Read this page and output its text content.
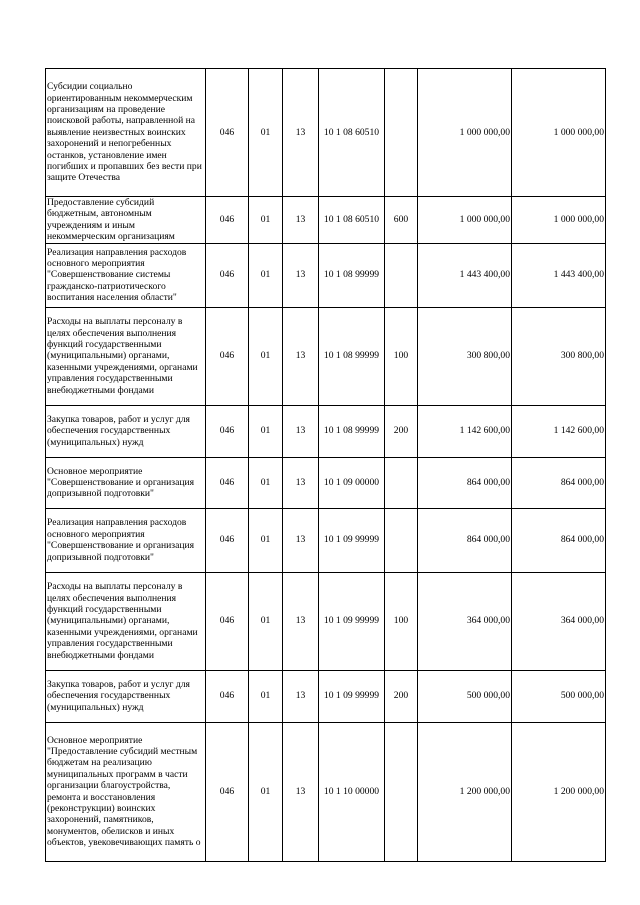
Субсидии социально ориентированным некоммерческим организациям на проведение поисковой работы, направленной на выявление неизвестных воинских захоронений и непогребенных останков, установление имен погибших и пропавших без вести при защите Отечества	046	01	13	10 1 08 60510		1 000 000,00	1 000 000,00
Предоставление субсидий бюджетным, автономным учреждениям и иным некоммерческим организациям	046	01	13	10 1 08 60510	600	1 000 000,00	1 000 000,00
Реализация направления расходов основного мероприятия "Совершенствование системы гражданско-патриотического воспитания населения области"	046	01	13	10 1 08 99999		1 443 400,00	1 443 400,00
Расходы на выплаты персоналу в целях обеспечения выполнения функций государственными (муниципальными) органами, казенными учреждениями, органами управления государственными внебюджетными фондами	046	01	13	10 1 08 99999	100	300 800,00	300 800,00
Закупка товаров, работ и услуг для обеспечения государственных (муниципальных) нужд	046	01	13	10 1 08 99999	200	1 142 600,00	1 142 600,00
Основное мероприятие "Совершенствование и организация допризывной подготовки"	046	01	13	10 1 09 00000		864 000,00	864 000,00
Реализация направления расходов основного мероприятия "Совершенствование и организация допризывной подготовки"	046	01	13	10 1 09 99999		864 000,00	864 000,00
Расходы на выплаты персоналу в целях обеспечения выполнения функций государственными (муниципальными) органами, казенными учреждениями, органами управления государственными внебюджетными фондами	046	01	13	10 1 09 99999	100	364 000,00	364 000,00
Закупка товаров, работ и услуг для обеспечения государственных (муниципальных) нужд	046	01	13	10 1 09 99999	200	500 000,00	500 000,00
Основное мероприятие "Предоставление субсидий местным бюджетам на реализацию муниципальных программ в части организации благоустройства, ремонта и восстановления (реконструкции) воинских захоронений, памятников, монументов, обелисков и иных объектов, увековечивающих память о	046	01	13	10 1 10 00000		1 200 000,00	1 200 000,00
